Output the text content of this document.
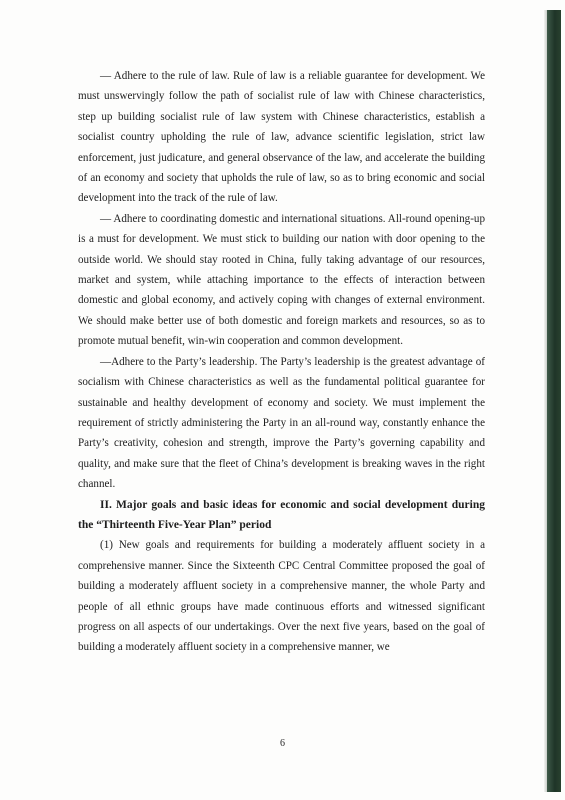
— Adhere to the rule of law. Rule of law is a reliable guarantee for development. We must unswervingly follow the path of socialist rule of law with Chinese characteristics, step up building socialist rule of law system with Chinese characteristics, establish a socialist country upholding the rule of law, advance scientific legislation, strict law enforcement, just judicature, and general observance of the law, and accelerate the building of an economy and society that upholds the rule of law, so as to bring economic and social development into the track of the rule of law.

— Adhere to coordinating domestic and international situations. All-round opening-up is a must for development. We must stick to building our nation with door opening to the outside world. We should stay rooted in China, fully taking advantage of our resources, market and system, while attaching importance to the effects of interaction between domestic and global economy, and actively coping with changes of external environment. We should make better use of both domestic and foreign markets and resources, so as to promote mutual benefit, win-win cooperation and common development.

—Adhere to the Party’s leadership. The Party’s leadership is the greatest advantage of socialism with Chinese characteristics as well as the fundamental political guarantee for sustainable and healthy development of economy and society. We must implement the requirement of strictly administering the Party in an all-round way, constantly enhance the Party’s creativity, cohesion and strength, improve the Party’s governing capability and quality, and make sure that the fleet of China’s development is breaking waves in the right channel.

II. Major goals and basic ideas for economic and social development during the “Thirteenth Five-Year Plan” period

(1) New goals and requirements for building a moderately affluent society in a comprehensive manner. Since the Sixteenth CPC Central Committee proposed the goal of building a moderately affluent society in a comprehensive manner, the whole Party and people of all ethnic groups have made continuous efforts and witnessed significant progress on all aspects of our undertakings. Over the next five years, based on the goal of building a moderately affluent society in a comprehensive manner, we

6
